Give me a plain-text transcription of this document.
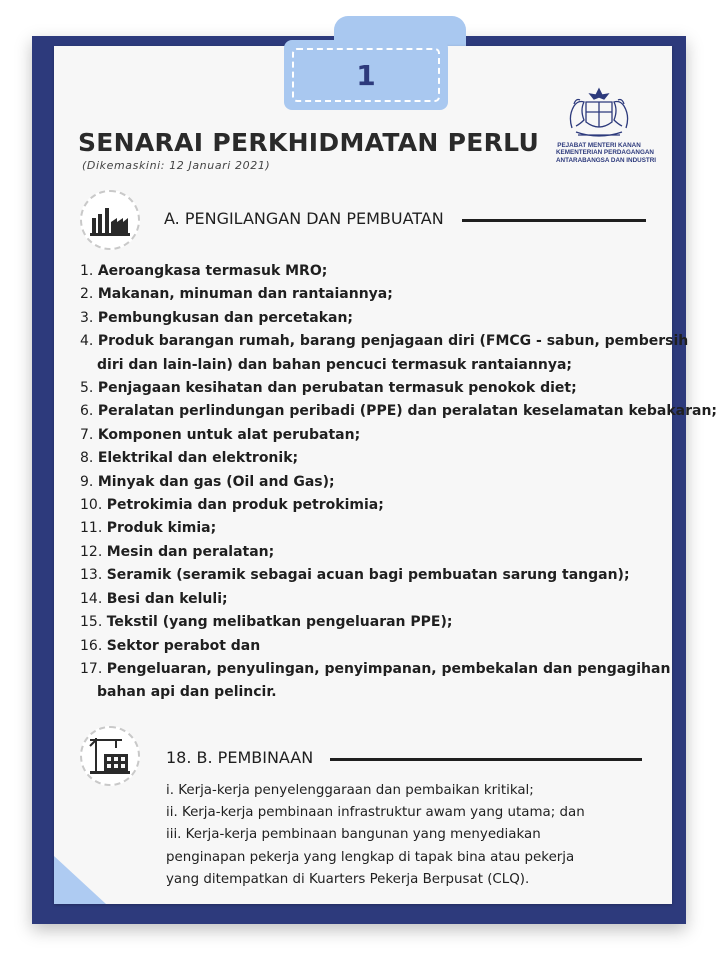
1
PEJABAT MENTERI KANAN
KEMENTERIAN PERDAGANGAN
ANTARABANGSA DAN INDUSTRI
SENARAI PERKHIDMATAN PERLU
(Dikemaskini: 12 Januari 2021)
A. PENGILANGAN DAN PEMBUATAN
1. Aeroangkasa termasuk MRO;
2. Makanan, minuman dan rantaiannya;
3. Pembungkusan dan percetakan;
4. Produk barangan rumah, barang penjagaan diri (FMCG - sabun, pembersih
diri dan lain-lain) dan bahan pencuci termasuk rantaiannya;
5. Penjagaan kesihatan dan perubatan termasuk penokok diet;
6. Peralatan perlindungan peribadi (PPE) dan peralatan keselamatan kebakaran;
7. Komponen untuk alat perubatan;
8. Elektrikal dan elektronik;
9. Minyak dan gas (Oil and Gas);
10. Petrokimia dan produk petrokimia;
11. Produk kimia;
12. Mesin dan peralatan;
13. Seramik (seramik sebagai acuan bagi pembuatan sarung tangan);
14. Besi dan keluli;
15. Tekstil (yang melibatkan pengeluaran PPE);
16. Sektor perabot dan
17. Pengeluaran, penyulingan, penyimpanan, pembekalan dan pengagihan
bahan api dan pelincir.
18. B. PEMBINAAN
i. Kerja-kerja penyelenggaraan dan pembaikan kritikal;
ii. Kerja-kerja pembinaan infrastruktur awam yang utama; dan
iii. Kerja-kerja pembinaan bangunan yang menyediakan
penginapan pekerja yang lengkap di tapak bina atau pekerja
yang ditempatkan di Kuarters Pekerja Berpusat (CLQ).
